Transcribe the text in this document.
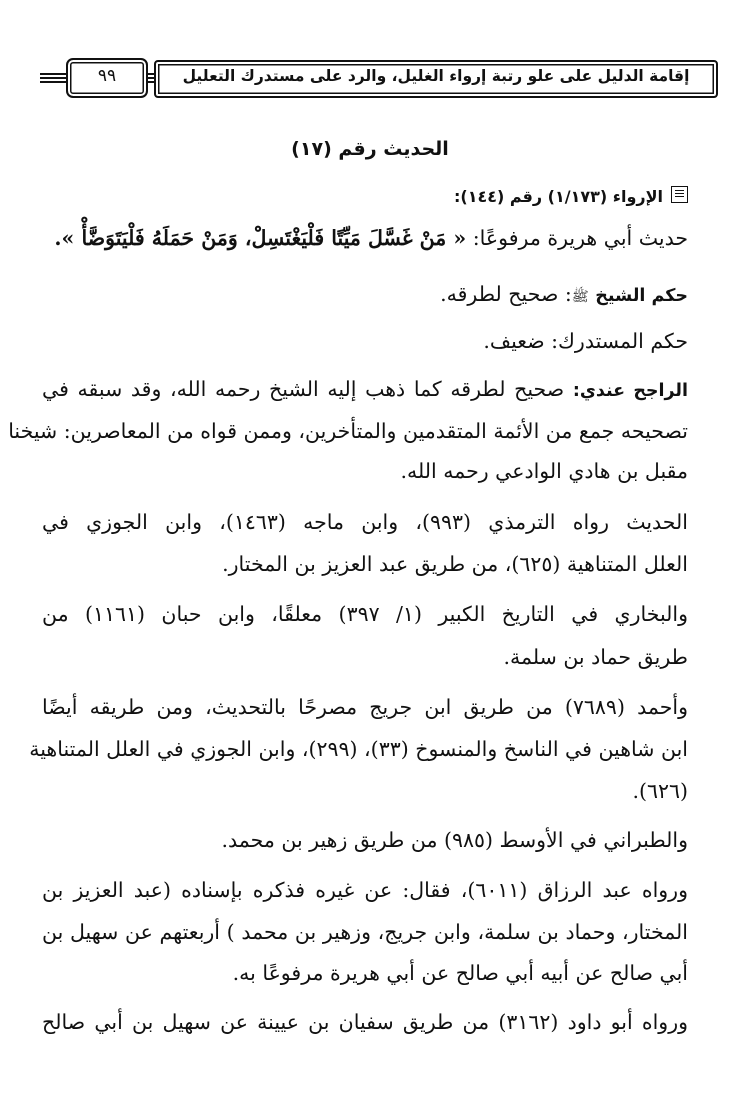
إقامة الدليل على علو رتبة إرواء الغليل، والرد على مستدرك التعليل
٩٩
الحديث رقم (١٧)
الإرواء (١/١٧٣) رقم (١٤٤):
حديث أبي هريرة مرفوعًا: « مَنْ غَسَّلَ مَيِّتًا فَلْيَغْتَسِلْ، وَمَنْ حَمَلَهُ فَلْيَتَوَضَّأْ ».
حكم الشيخ ﷺ: صحيح لطرقه.
حكم المستدرك: ضعيف.
الراجح عندي: صحيح لطرقه كما ذهب إليه الشيخ رحمه الله، وقد سبقه في
تصحيحه جمع من الأئمة المتقدمين والمتأخرين، وممن قواه من المعاصرين: شيخنا
مقبل بن هادي الوادعي رحمه الله.
الحديث رواه الترمذي (٩٩٣)، وابن ماجه (١٤٦٣)، وابن الجوزي في
العلل المتناهية (٦٢٥)، من طريق عبد العزيز بن المختار.
والبخاري في التاريخ الكبير (١/ ٣٩٧) معلقًا، وابن حبان (١١٦١) من
طريق حماد بن سلمة.
وأحمد (٧٦٨٩) من طريق ابن جريج مصرحًا بالتحديث، ومن طريقه أيضًا
ابن شاهين في الناسخ والمنسوخ (٣٣)، (٢٩٩)، وابن الجوزي في العلل المتناهية
(٦٢٦).
والطبراني في الأوسط (٩٨٥) من طريق زهير بن محمد.
ورواه عبد الرزاق (٦٠١١)، فقال: عن غيره فذكره بإسناده (عبد العزيز بن
المختار، وحماد بن سلمة، وابن جريج، وزهير بن محمد ) أربعتهم عن سهيل بن
أبي صالح عن أبيه أبي صالح عن أبي هريرة مرفوعًا به.
ورواه أبو داود (٣١٦٢) من طريق سفيان بن عيينة عن سهيل بن أبي صالح
